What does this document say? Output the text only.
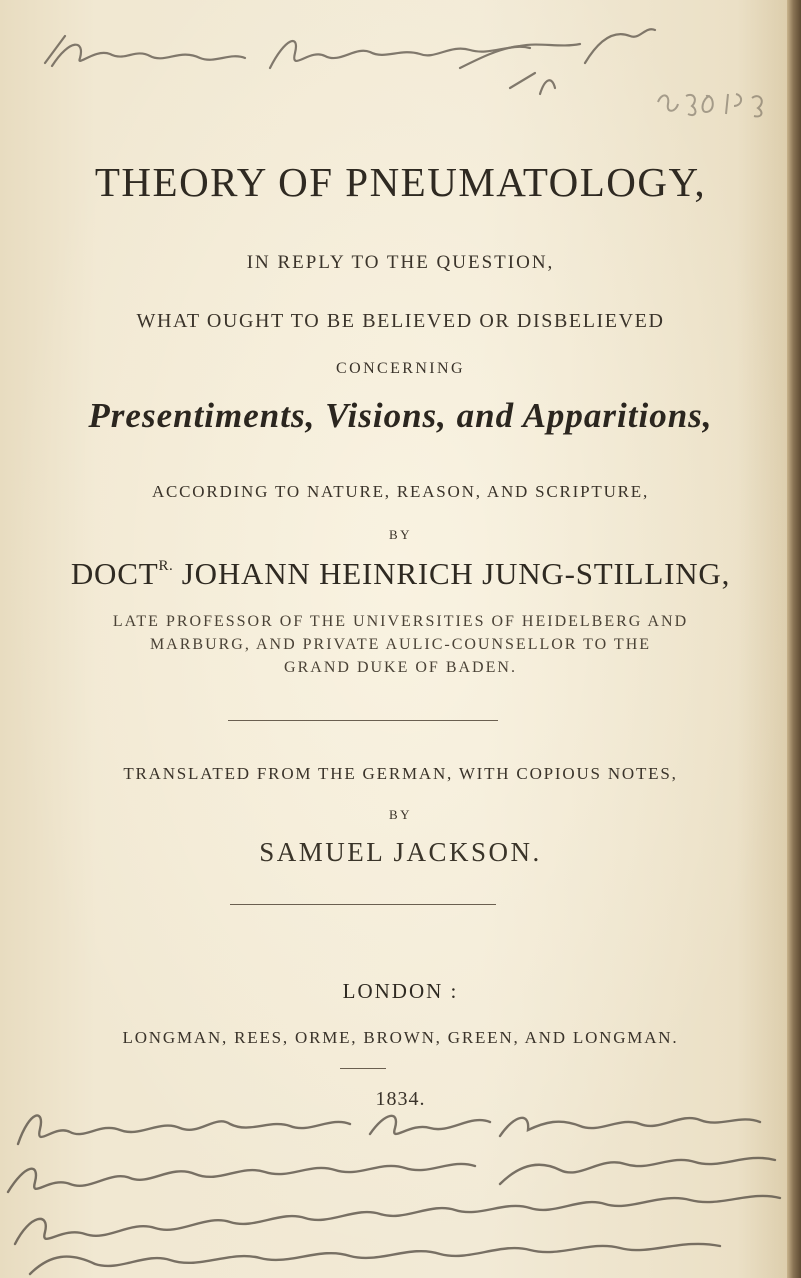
THEORY OF PNEUMATOLOGY,
IN REPLY TO THE QUESTION,
WHAT OUGHT TO BE BELIEVED OR DISBELIEVED
CONCERNING
Presentiments, Visions, and Apparitions,
ACCORDING TO NATURE, REASON, AND SCRIPTURE,
BY
$DOCT^{R.}$ JOHANN HEINRICH JUNG-STILLING,
LATE PROFESSOR OF THE UNIVERSITIES OF HEIDELBERG AND
MARBURG, AND PRIVATE AULIC-COUNSELLOR TO THE
GRAND DUKE OF BADEN.
TRANSLATED FROM THE GERMAN, WITH COPIOUS NOTES,
BY
SAMUEL JACKSON.
LONDON :
LONGMAN, REES, ORME, BROWN, GREEN, AND LONGMAN.
1834.
